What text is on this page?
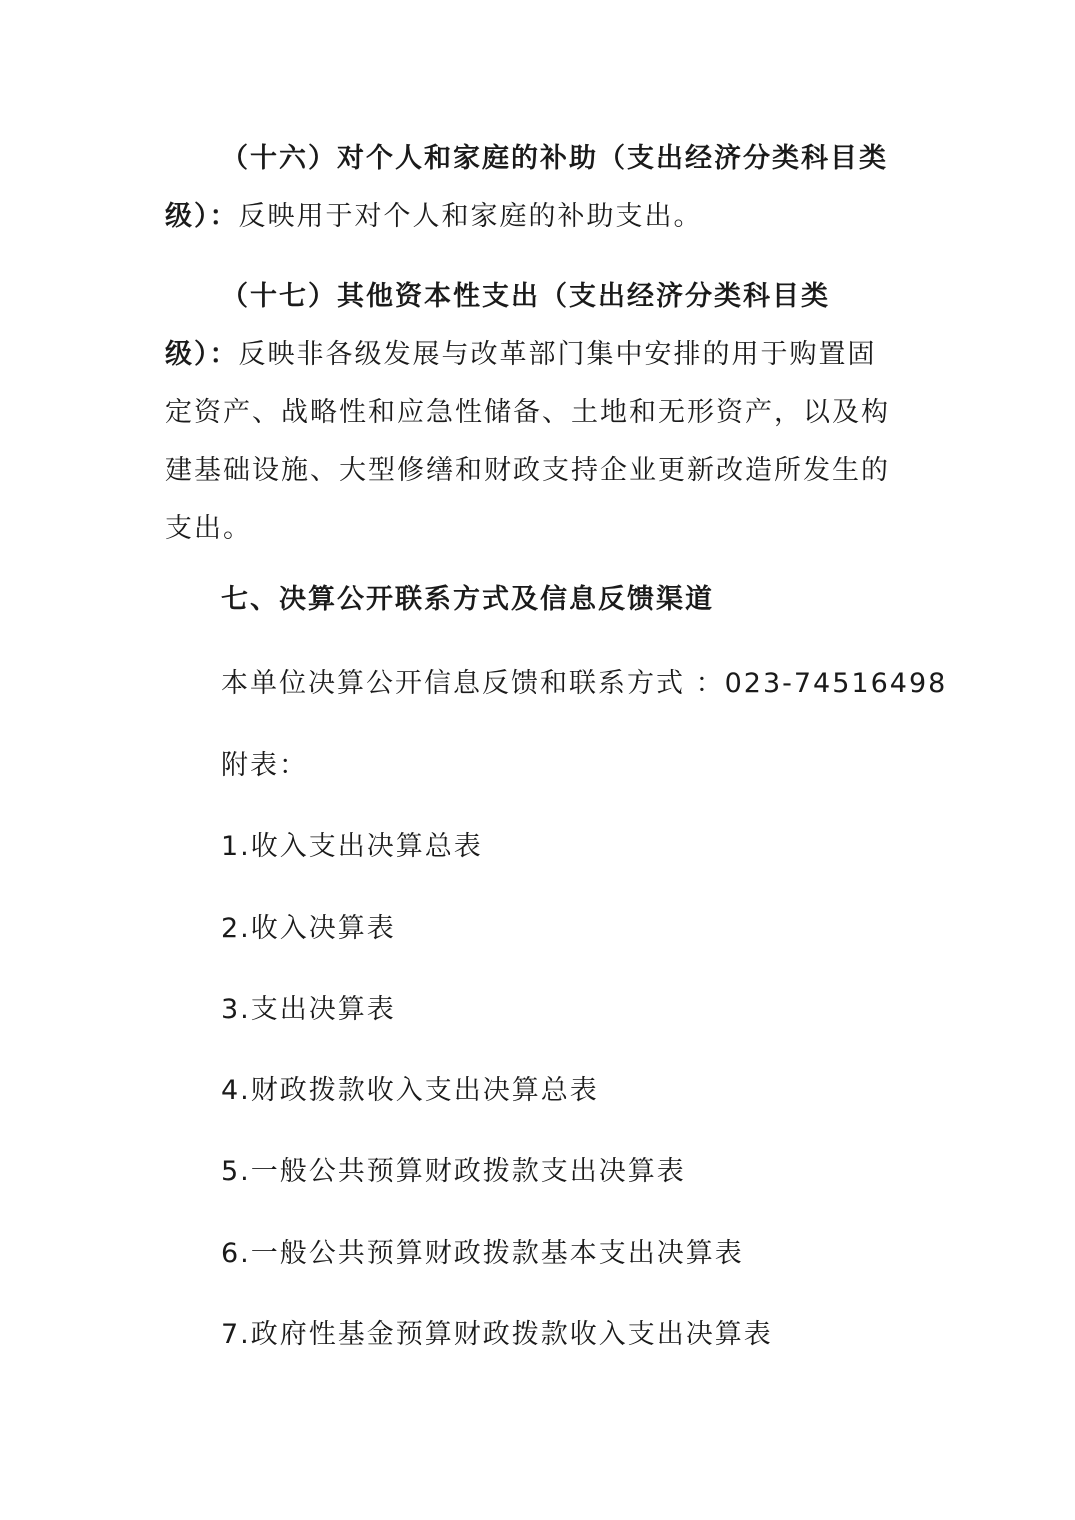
（十六）对个人和家庭的补助（支出经济分类科目类级）：反映用于对个人和家庭的补助支出。

（十七）其他资本性支出（支出经济分类科目类级）：反映非各级发展与改革部门集中安排的用于购置固定资产、战略性和应急性储备、土地和无形资产，以及构建基础设施、大型修缮和财政支持企业更新改造所发生的支出。

七、决算公开联系方式及信息反馈渠道

本单位决算公开信息反馈和联系方式 ：023-74516498

附表：

1.收入支出决算总表

2.收入决算表

3.支出决算表

4.财政拨款收入支出决算总表

5.一般公共预算财政拨款支出决算表

6.一般公共预算财政拨款基本支出决算表

7.政府性基金预算财政拨款收入支出决算表
